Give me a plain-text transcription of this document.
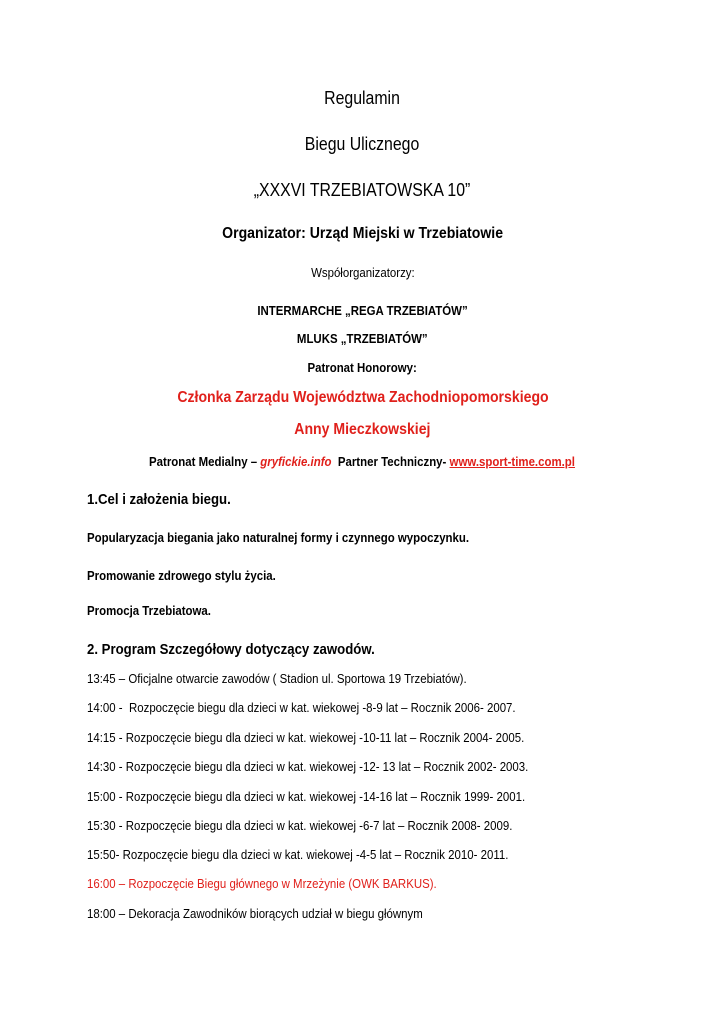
Regulamin
Biegu Ulicznego
„XXXVI TRZEBIATOWSKA 10”
Organizator: Urząd Miejski w Trzebiatowie
Współorganizatorzy:
INTERMARCHE „REGA TRZEBIATÓW”
MLUKS „TRZEBIATÓW”
Patronat Honorowy:
Członka Zarządu Województwa Zachodniopomorskiego
Anny Mieczkowskiej
Patronat Medialny – gryfickie.info  Partner Techniczny- www.sport-time.com.pl
1.Cel i założenia biegu.
Popularyzacja biegania jako naturalnej formy i czynnego wypoczynku.
Promowanie zdrowego stylu życia.
Promocja Trzebiatowa.
2. Program Szczegółowy dotyczący zawodów.
13:45 – Oficjalne otwarcie zawodów ( Stadion ul. Sportowa 19 Trzebiatów).
14:00 -  Rozpoczęcie biegu dla dzieci w kat. wiekowej -8-9 lat – Rocznik 2006- 2007.
14:15 - Rozpoczęcie biegu dla dzieci w kat. wiekowej -10-11 lat – Rocznik 2004- 2005.
14:30 - Rozpoczęcie biegu dla dzieci w kat. wiekowej -12- 13 lat – Rocznik 2002- 2003.
15:00 - Rozpoczęcie biegu dla dzieci w kat. wiekowej -14-16 lat – Rocznik 1999- 2001.
15:30 - Rozpoczęcie biegu dla dzieci w kat. wiekowej -6-7 lat – Rocznik 2008- 2009.
15:50- Rozpoczęcie biegu dla dzieci w kat. wiekowej -4-5 lat – Rocznik 2010- 2011.
16:00 – Rozpoczęcie Biegu głównego w Mrzeżynie (OWK BARKUS).
18:00 – Dekoracja Zawodników biorących udział w biegu głównym
